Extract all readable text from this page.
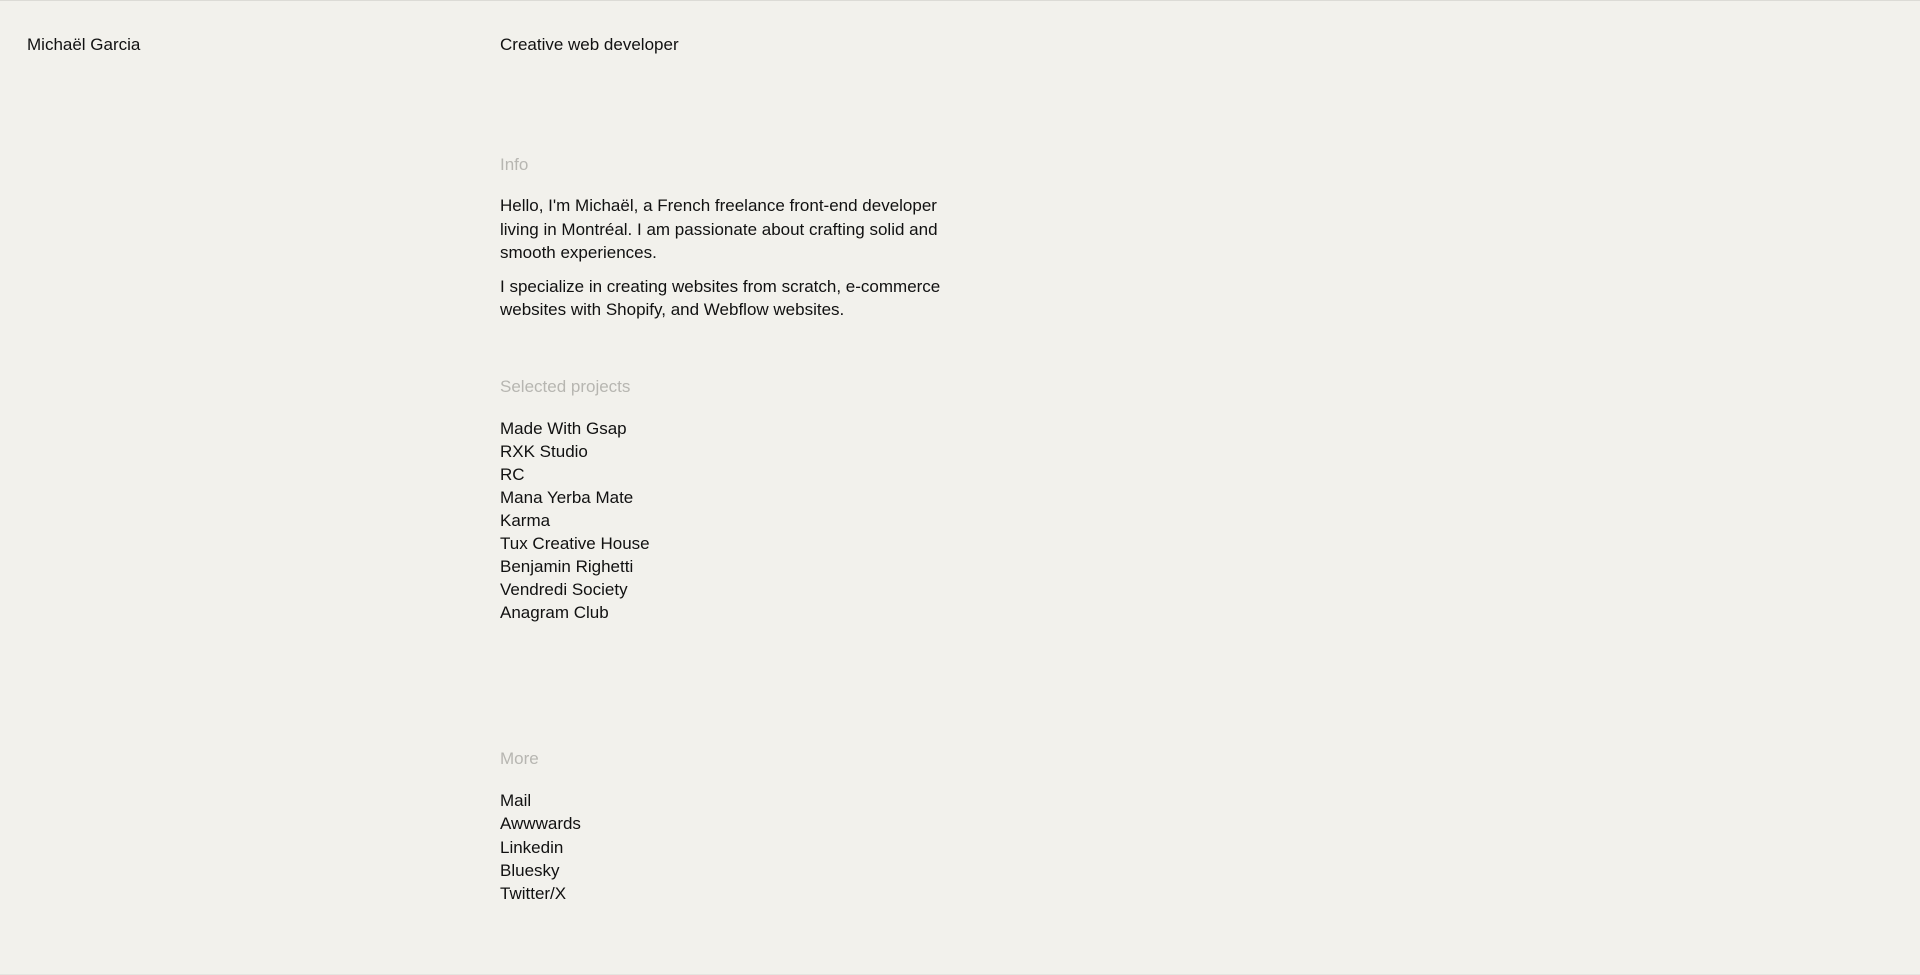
Michaël Garcia	Creative web developer

Info

Hello, I'm Michaël, a French freelance front-end developer living in Montréal. I am passionate about crafting solid and smooth experiences.

I specialize in creating websites from scratch, e-commerce websites with Shopify, and Webflow websites.

Selected projects

Made With Gsap
RXK Studio
RC
Mana Yerba Mate
Karma
Tux Creative House
Benjamin Righetti
Vendredi Society
Anagram Club

More

Mail
Awwwards
Linkedin
Bluesky
Twitter/X
